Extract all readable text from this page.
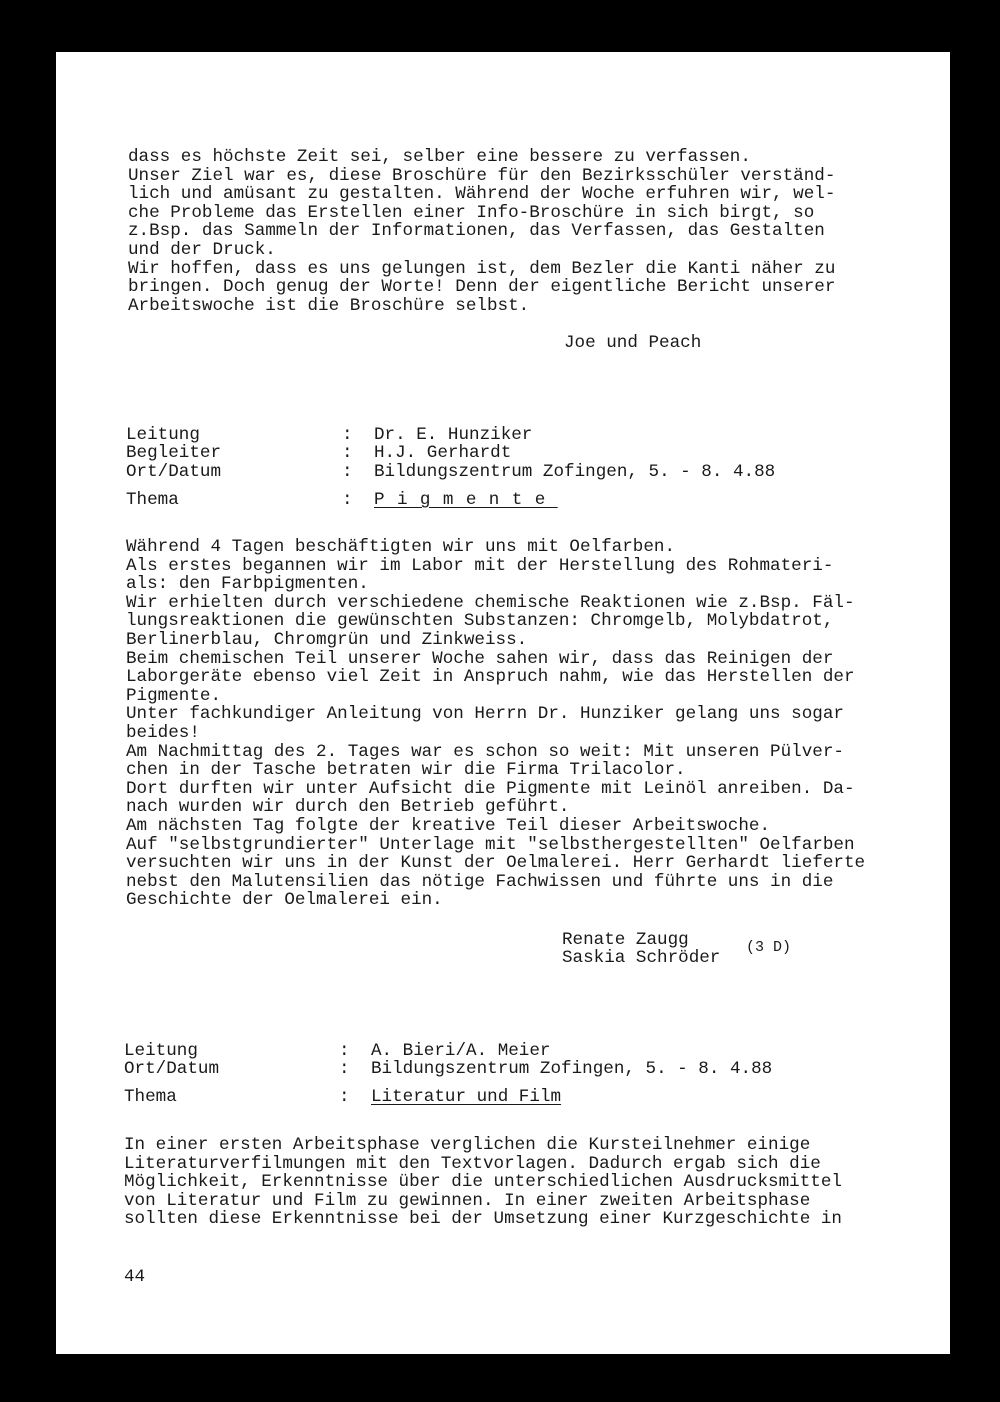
dass es höchste Zeit sei, selber eine bessere zu verfassen.
Unser Ziel war es, diese Broschüre für den Bezirksschüler verständ-
lich und amüsant zu gestalten. Während der Woche erfuhren wir, wel-
che Probleme das Erstellen einer Info-Broschüre in sich birgt, so
z.Bsp. das Sammeln der Informationen, das Verfassen, das Gestalten
und der Druck.
Wir hoffen, dass es uns gelungen ist, dem Bezler die Kanti näher zu
bringen. Doch genug der Worte! Denn der eigentliche Bericht unserer
Arbeitswoche ist die Broschüre selbst.
Joe und Peach
Leitung	: Dr. E. Hunziker
Begleiter	: H.J. Gerhardt
Ort/Datum	: Bildungszentrum Zofingen, 5. - 8. 4.88
Thema	: Pigmente
Während 4 Tagen beschäftigten wir uns mit Oelfarben.
Als erstes begannen wir im Labor mit der Herstellung des Rohmateri-
als: den Farbpigmenten.
Wir erhielten durch verschiedene chemische Reaktionen wie z.Bsp. Fäl-
lungsreaktionen die gewünschten Substanzen: Chromgelb, Molybdatrot,
Berlinerblau, Chromgrün und Zinkweiss.
Beim chemischen Teil unserer Woche sahen wir, dass das Reinigen der
Laborgeräte ebenso viel Zeit in Anspruch nahm, wie das Herstellen der
Pigmente.
Unter fachkundiger Anleitung von Herrn Dr. Hunziker gelang uns sogar
beides!
Am Nachmittag des 2. Tages war es schon so weit: Mit unseren Pülver-
chen in der Tasche betraten wir die Firma Trilacolor.
Dort durften wir unter Aufsicht die Pigmente mit Leinöl anreiben. Da-
nach wurden wir durch den Betrieb geführt.
Am nächsten Tag folgte der kreative Teil dieser Arbeitswoche.
Auf "selbstgrundierter" Unterlage mit "selbsthergestellten" Oelfarben
versuchten wir uns in der Kunst der Oelmalerei. Herr Gerhardt lieferte
nebst den Malutensilien das nötige Fachwissen und führte uns in die
Geschichte der Oelmalerei ein.
Renate Zaugg
Saskia Schröder
(3 D)
Leitung	: A. Bieri/A. Meier
Ort/Datum	: Bildungszentrum Zofingen, 5. - 8. 4.88
Thema	: Literatur und Film
In einer ersten Arbeitsphase verglichen die Kursteilnehmer einige
Literaturverfilmungen mit den Textvorlagen. Dadurch ergab sich die
Möglichkeit, Erkenntnisse über die unterschiedlichen Ausdrucksmittel
von Literatur und Film zu gewinnen. In einer zweiten Arbeitsphase
sollten diese Erkenntnisse bei der Umsetzung einer Kurzgeschichte in
44
